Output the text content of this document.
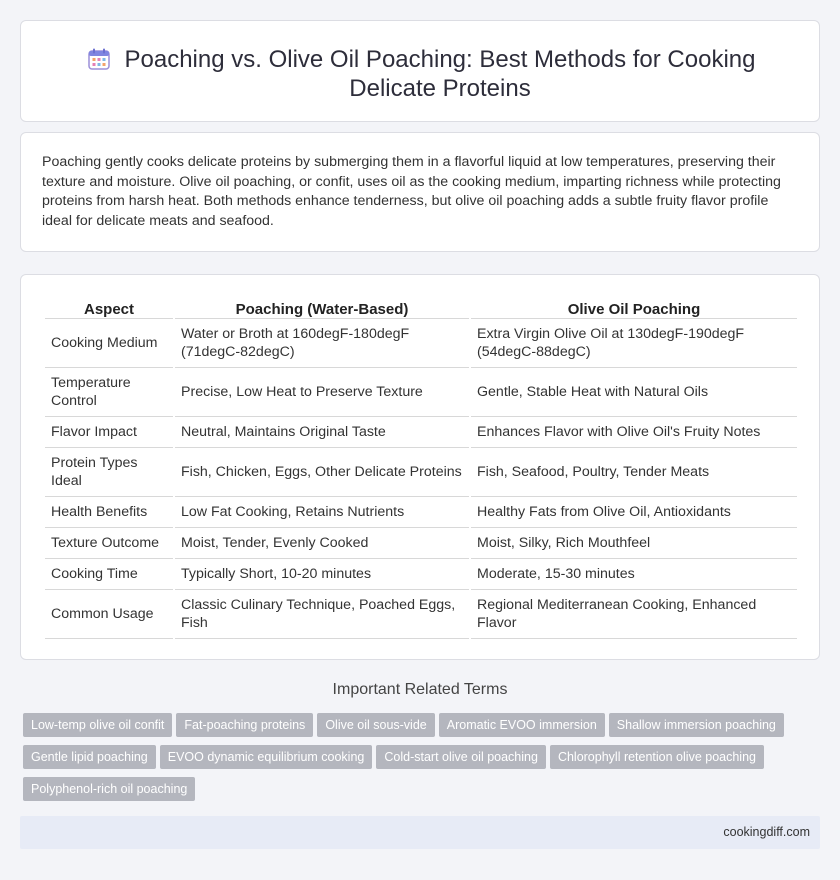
Poaching vs. Olive Oil Poaching: Best Methods for Cooking Delicate Proteins

Poaching gently cooks delicate proteins by submerging them in a flavorful liquid at low temperatures, preserving their texture and moisture. Olive oil poaching, or confit, uses oil as the cooking medium, imparting richness while protecting proteins from harsh heat. Both methods enhance tenderness, but olive oil poaching adds a subtle fruity flavor profile ideal for delicate meats and seafood.

Aspect	Poaching (Water-Based)	Olive Oil Poaching
Cooking Medium	Water or Broth at 160degF-180degF (71degC-82degC)	Extra Virgin Olive Oil at 130degF-190degF (54degC-88degC)
Temperature Control	Precise, Low Heat to Preserve Texture	Gentle, Stable Heat with Natural Oils
Flavor Impact	Neutral, Maintains Original Taste	Enhances Flavor with Olive Oil's Fruity Notes
Protein Types Ideal	Fish, Chicken, Eggs, Other Delicate Proteins	Fish, Seafood, Poultry, Tender Meats
Health Benefits	Low Fat Cooking, Retains Nutrients	Healthy Fats from Olive Oil, Antioxidants
Texture Outcome	Moist, Tender, Evenly Cooked	Moist, Silky, Rich Mouthfeel
Cooking Time	Typically Short, 10-20 minutes	Moderate, 15-30 minutes
Common Usage	Classic Culinary Technique, Poached Eggs, Fish	Regional Mediterranean Cooking, Enhanced Flavor
Important Related Terms
Low-temp olive oil confit Fat-poaching proteins Olive oil sous-vide Aromatic EVOO immersion Shallow immersion poachingGentle lipid poaching EVOO dynamic equilibrium cooking Cold-start olive oil poaching Chlorophyll retention olive poachingPolyphenol-rich oil poaching
cookingdiff.com
